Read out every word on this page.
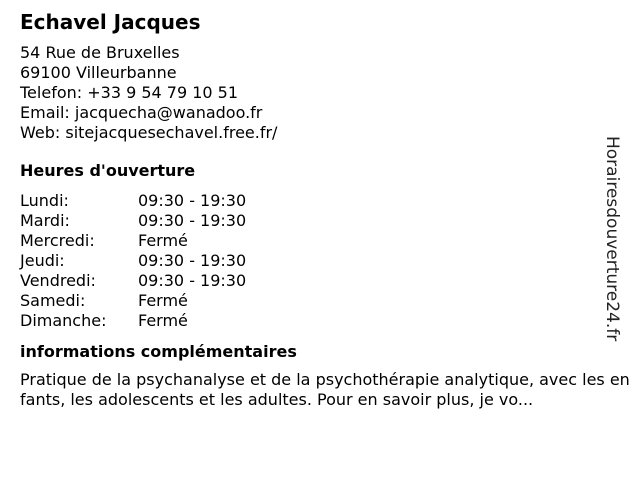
Echavel Jacques
54 Rue de Bruxelles
69100 Villeurbanne
Telefon: +33 9 54 79 10 51
Email: jacquecha@wanadoo.fr
Web: sitejacquesechavel.free.fr/
Heures d'ouverture
Lundi:	09:30 - 19:30
Mardi:	09:30 - 19:30
Mercredi:	Fermé
Jeudi:	09:30 - 19:30
Vendredi:	09:30 - 19:30
Samedi:	Fermé
Dimanche:	Fermé
informations complémentaires
Pratique de la psychanalyse et de la psychothérapie analytique, avec les enfants, les adolescents et les adultes. Pour en savoir plus, je vo...
Horairesdouverture24.fr
